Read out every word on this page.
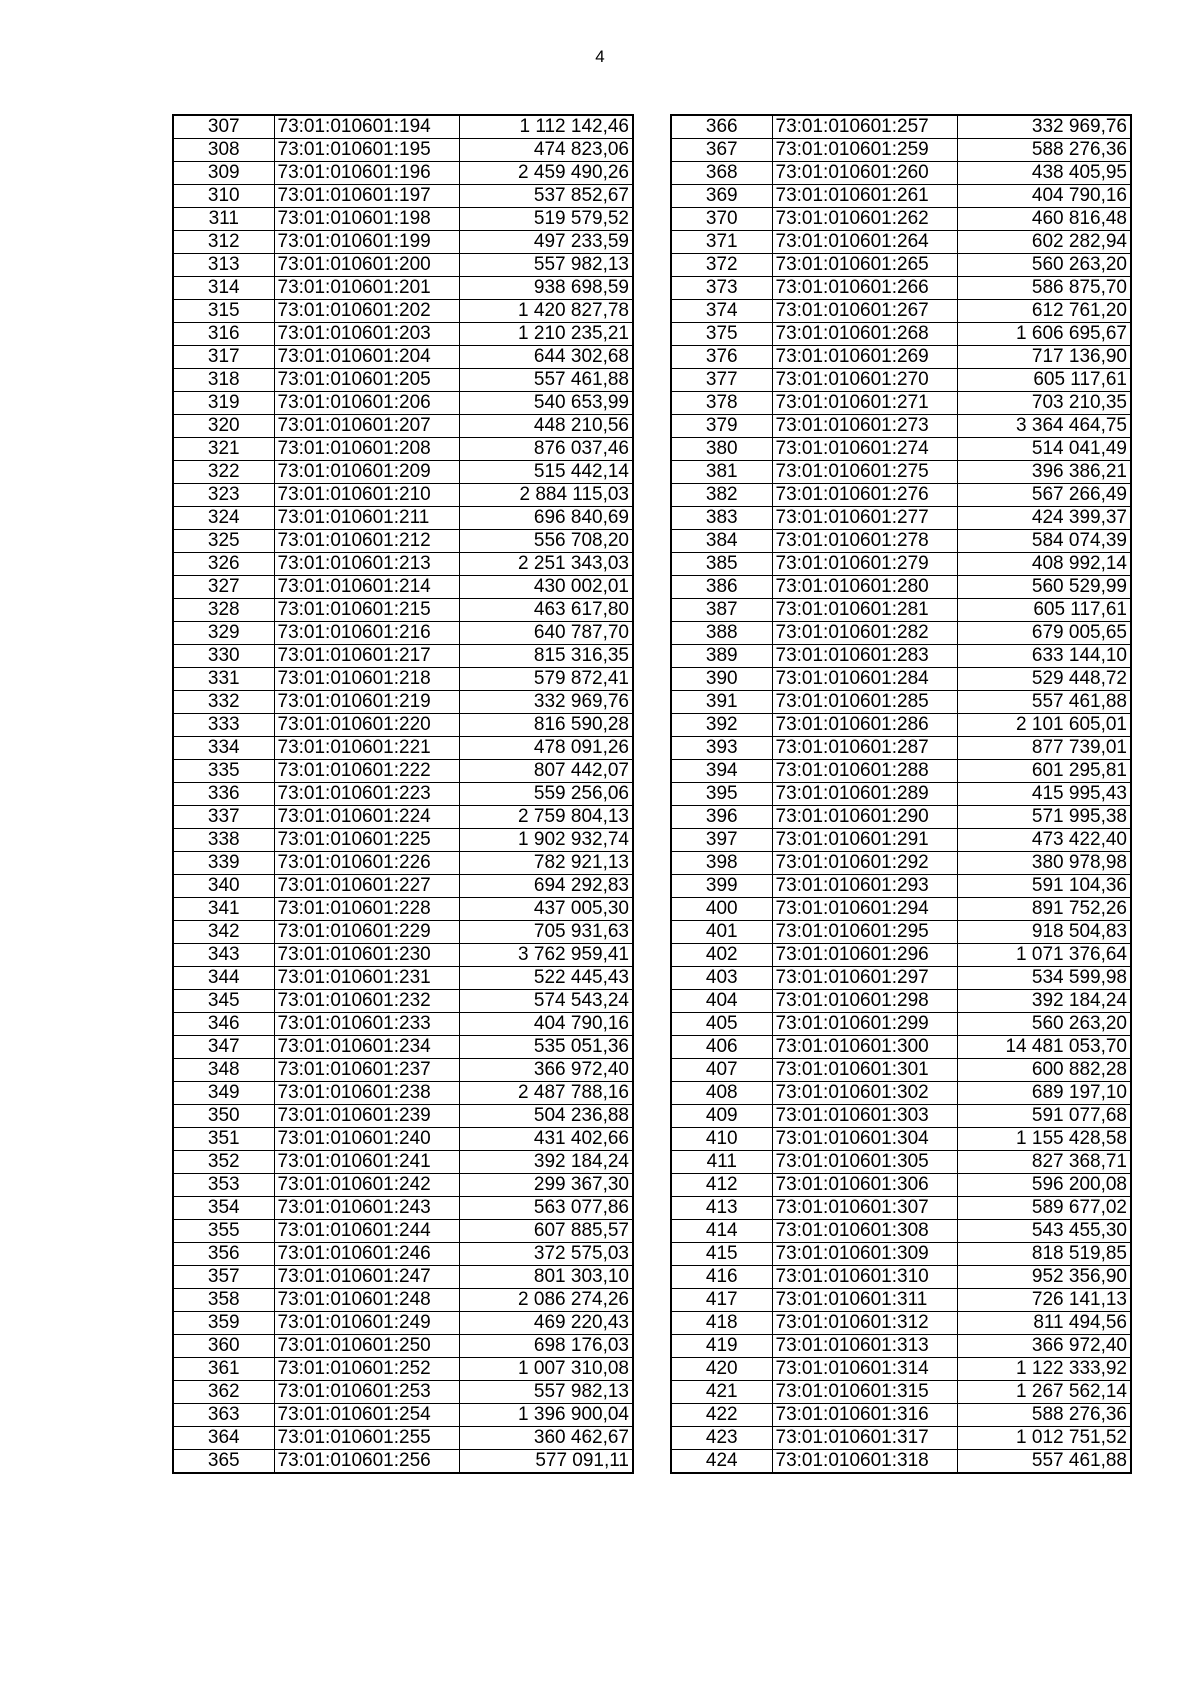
4
307	73:01:010601:194	1 112 142,46
308	73:01:010601:195	474 823,06
309	73:01:010601:196	2 459 490,26
310	73:01:010601:197	537 852,67
311	73:01:010601:198	519 579,52
312	73:01:010601:199	497 233,59
313	73:01:010601:200	557 982,13
314	73:01:010601:201	938 698,59
315	73:01:010601:202	1 420 827,78
316	73:01:010601:203	1 210 235,21
317	73:01:010601:204	644 302,68
318	73:01:010601:205	557 461,88
319	73:01:010601:206	540 653,99
320	73:01:010601:207	448 210,56
321	73:01:010601:208	876 037,46
322	73:01:010601:209	515 442,14
323	73:01:010601:210	2 884 115,03
324	73:01:010601:211	696 840,69
325	73:01:010601:212	556 708,20
326	73:01:010601:213	2 251 343,03
327	73:01:010601:214	430 002,01
328	73:01:010601:215	463 617,80
329	73:01:010601:216	640 787,70
330	73:01:010601:217	815 316,35
331	73:01:010601:218	579 872,41
332	73:01:010601:219	332 969,76
333	73:01:010601:220	816 590,28
334	73:01:010601:221	478 091,26
335	73:01:010601:222	807 442,07
336	73:01:010601:223	559 256,06
337	73:01:010601:224	2 759 804,13
338	73:01:010601:225	1 902 932,74
339	73:01:010601:226	782 921,13
340	73:01:010601:227	694 292,83
341	73:01:010601:228	437 005,30
342	73:01:010601:229	705 931,63
343	73:01:010601:230	3 762 959,41
344	73:01:010601:231	522 445,43
345	73:01:010601:232	574 543,24
346	73:01:010601:233	404 790,16
347	73:01:010601:234	535 051,36
348	73:01:010601:237	366 972,40
349	73:01:010601:238	2 487 788,16
350	73:01:010601:239	504 236,88
351	73:01:010601:240	431 402,66
352	73:01:010601:241	392 184,24
353	73:01:010601:242	299 367,30
354	73:01:010601:243	563 077,86
355	73:01:010601:244	607 885,57
356	73:01:010601:246	372 575,03
357	73:01:010601:247	801 303,10
358	73:01:010601:248	2 086 274,26
359	73:01:010601:249	469 220,43
360	73:01:010601:250	698 176,03
361	73:01:010601:252	1 007 310,08
362	73:01:010601:253	557 982,13
363	73:01:010601:254	1 396 900,04
364	73:01:010601:255	360 462,67
365	73:01:010601:256	577 091,11
366	73:01:010601:257	332 969,76
367	73:01:010601:259	588 276,36
368	73:01:010601:260	438 405,95
369	73:01:010601:261	404 790,16
370	73:01:010601:262	460 816,48
371	73:01:010601:264	602 282,94
372	73:01:010601:265	560 263,20
373	73:01:010601:266	586 875,70
374	73:01:010601:267	612 761,20
375	73:01:010601:268	1 606 695,67
376	73:01:010601:269	717 136,90
377	73:01:010601:270	605 117,61
378	73:01:010601:271	703 210,35
379	73:01:010601:273	3 364 464,75
380	73:01:010601:274	514 041,49
381	73:01:010601:275	396 386,21
382	73:01:010601:276	567 266,49
383	73:01:010601:277	424 399,37
384	73:01:010601:278	584 074,39
385	73:01:010601:279	408 992,14
386	73:01:010601:280	560 529,99
387	73:01:010601:281	605 117,61
388	73:01:010601:282	679 005,65
389	73:01:010601:283	633 144,10
390	73:01:010601:284	529 448,72
391	73:01:010601:285	557 461,88
392	73:01:010601:286	2 101 605,01
393	73:01:010601:287	877 739,01
394	73:01:010601:288	601 295,81
395	73:01:010601:289	415 995,43
396	73:01:010601:290	571 995,38
397	73:01:010601:291	473 422,40
398	73:01:010601:292	380 978,98
399	73:01:010601:293	591 104,36
400	73:01:010601:294	891 752,26
401	73:01:010601:295	918 504,83
402	73:01:010601:296	1 071 376,64
403	73:01:010601:297	534 599,98
404	73:01:010601:298	392 184,24
405	73:01:010601:299	560 263,20
406	73:01:010601:300	14 481 053,70
407	73:01:010601:301	600 882,28
408	73:01:010601:302	689 197,10
409	73:01:010601:303	591 077,68
410	73:01:010601:304	1 155 428,58
411	73:01:010601:305	827 368,71
412	73:01:010601:306	596 200,08
413	73:01:010601:307	589 677,02
414	73:01:010601:308	543 455,30
415	73:01:010601:309	818 519,85
416	73:01:010601:310	952 356,90
417	73:01:010601:311	726 141,13
418	73:01:010601:312	811 494,56
419	73:01:010601:313	366 972,40
420	73:01:010601:314	1 122 333,92
421	73:01:010601:315	1 267 562,14
422	73:01:010601:316	588 276,36
423	73:01:010601:317	1 012 751,52
424	73:01:010601:318	557 461,88
